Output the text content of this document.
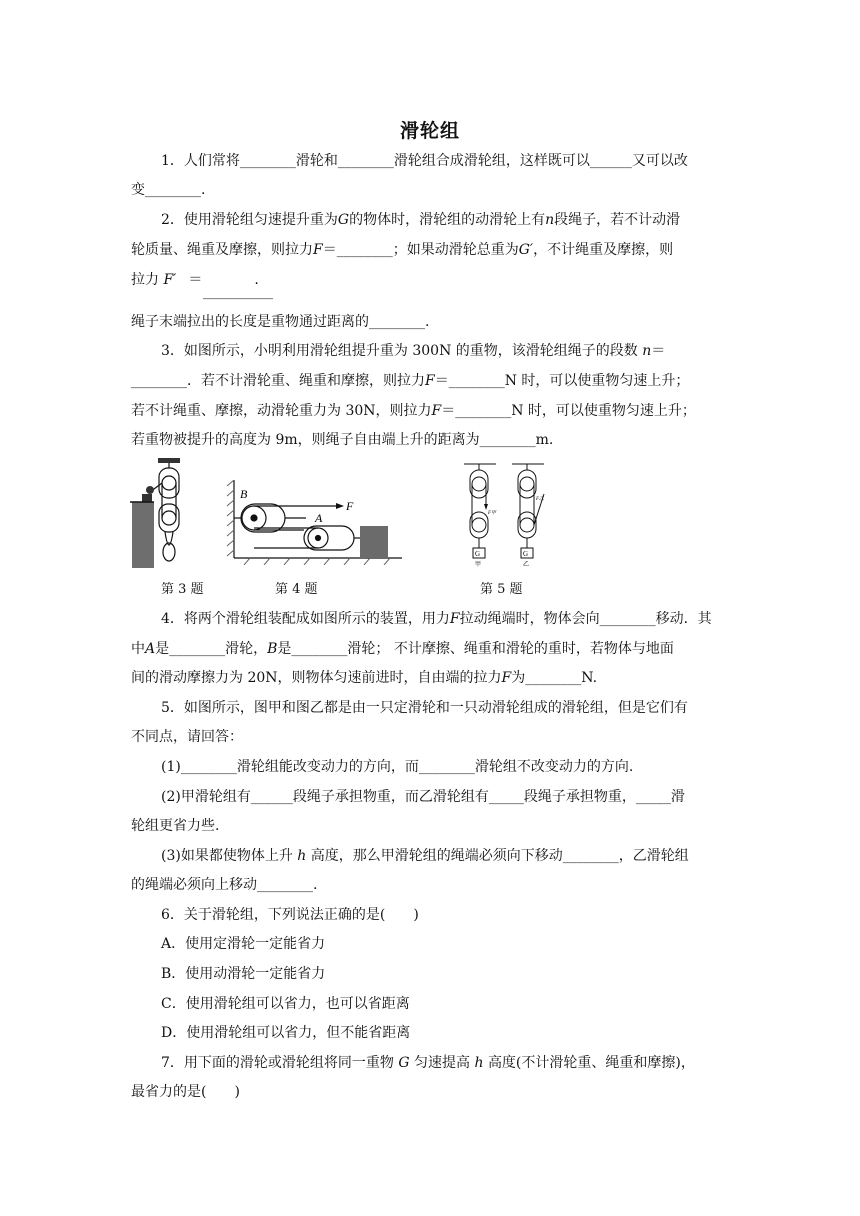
滑轮组
1．人们常将________滑轮和________滑轮组合成滑轮组，这样既可以______又可以改
变________.
2．使用滑轮组匀速提升重为G的物体时，滑轮组的动滑轮上有n段绳子，若不计动滑
轮质量、绳重及摩擦，则拉力F＝________；如果动滑轮总重为G′，不计绳重及摩擦，则
拉力 F′ ＝	.
__________
绳子末端拉出的长度是重物通过距离的________.
3．如图所示，小明利用滑轮组提升重为 300N 的重物，该滑轮组绳子的段数 n＝
________．若不计滑轮重、绳重和摩擦，则拉力F＝________N 时，可以使重物匀速上升；
若不计绳重、摩擦，动滑轮重力为 30N，则拉力F＝________N 时，可以使重物匀速上升；
若重物被提升的高度为 9m，则绳子自由端上升的距离为________m.
B
F
A
G	G
甲	乙
F甲
F乙
第 3 题	第 4 题	第 5 题
4．将两个滑轮组装配成如图所示的装置，用力F拉动绳端时，物体会向________移动．其
中A是________滑轮，B是________滑轮； 不计摩擦、绳重和滑轮的重时，若物体与地面
间的滑动摩擦力为 20N，则物体匀速前进时，自由端的拉力F为________N.
5．如图所示，图甲和图乙都是由一只定滑轮和一只动滑轮组成的滑轮组，但是它们有
不同点，请回答：
(1)________滑轮组能改变动力的方向，而________滑轮组不改变动力的方向.
(2)甲滑轮组有______段绳子承担物重，而乙滑轮组有_____段绳子承担物重，_____滑
轮组更省力些.
(3)如果都使物体上升 h 高度，那么甲滑轮组的绳端必须向下移动________，乙滑轮组
的绳端必须向上移动________.
6．关于滑轮组，下列说法正确的是(　　)
A．使用定滑轮一定能省力
B．使用动滑轮一定能省力
C．使用滑轮组可以省力，也可以省距离
D．使用滑轮组可以省力，但不能省距离
7．用下面的滑轮或滑轮组将同一重物 G 匀速提高 h 高度(不计滑轮重、绳重和摩擦)，
最省力的是(　　)
